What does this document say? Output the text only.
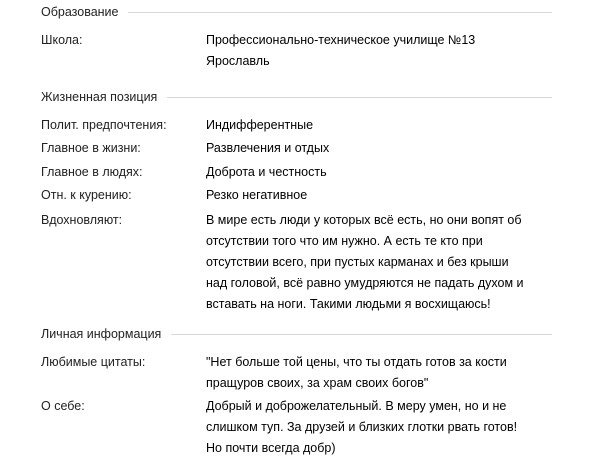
Образование
Школа:	Профессионально-техническое училище №13
Ярославль
Жизненная позиция
Полит. предпочтения:	Индифферентные
Главное в жизни:	Развлечения и отдых
Главное в людях:	Доброта и честность
Отн. к курению:	Резко негативное
Вдохновляют:	В мире есть люди у которых всё есть, но они вопят об
отсутствии того что им нужно. А есть те кто при
отсутствии всего, при пустых карманах и без крыши
над головой, всё равно умудряются не падать духом и
вставать на ноги. Такими людьми я восхищаюсь!
Личная информация
Любимые цитаты:	"Нет больше той цены, что ты отдать готов за кости
пращуров своих, за храм своих богов"
О себе:	Добрый и доброжелательный. В меру умен, но и не
слишком туп. За друзей и близких глотки рвать готов!
Но почти всегда добр)
